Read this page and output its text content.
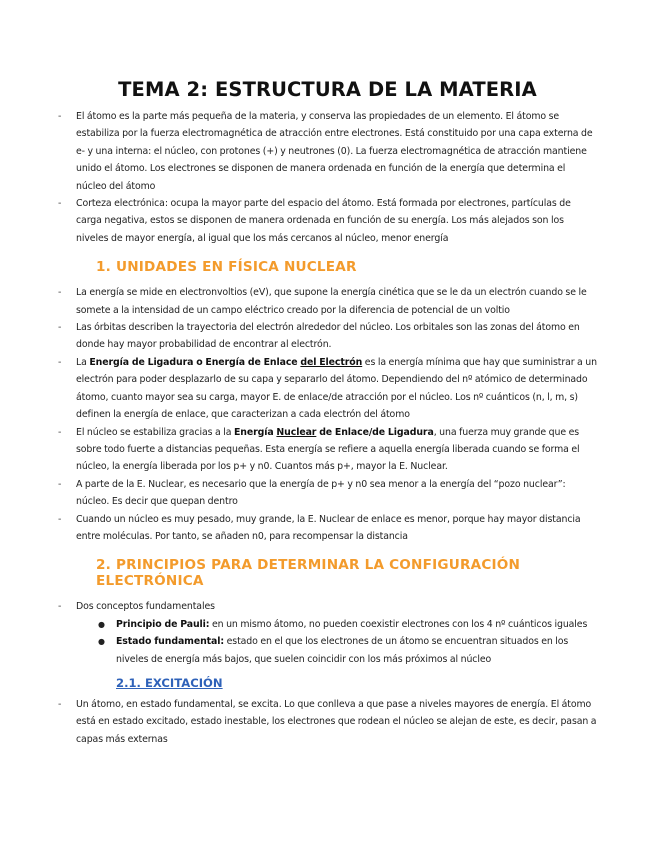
TEMA 2: ESTRUCTURA DE LA MATERIA
- El átomo es la parte más pequeña de la materia, y conserva las propiedades de un elemento. El átomo se estabiliza por la fuerza electromagnética de atracción entre electrones. Está constituido por una capa externa de e- y una interna: el núcleo, con protones (+) y neutrones (0). La fuerza electromagnética de atracción mantiene unido el átomo. Los electrones se disponen de manera ordenada en función de la energía que determina el núcleo del átomo
- Corteza electrónica: ocupa la mayor parte del espacio del átomo. Está formada por electrones, partículas de carga negativa, estos se disponen de manera ordenada en función de su energía. Los más alejados son los niveles de mayor energía, al igual que los más cercanos al núcleo, menor energía
1. UNIDADES EN FÍSICA NUCLEAR
- La energía se mide en electronvoltios (eV), que supone la energía cinética que se le da un electrón cuando se le somete a la intensidad de un campo eléctrico creado por la diferencia de potencial de un voltio
- Las órbitas describen la trayectoria del electrón alrededor del núcleo. Los orbitales son las zonas del átomo en donde hay mayor probabilidad de encontrar al electrón.
- La Energía de Ligadura o Energía de Enlace del Electrón es la energía mínima que hay que suministrar a un electrón para poder desplazarlo de su capa y separarlo del átomo. Dependiendo del nº atómico de determinado átomo, cuanto mayor sea su carga, mayor E. de enlace/de atracción por el núcleo. Los nº cuánticos (n, l, m, s) definen la energía de enlace, que caracterizan a cada electrón del átomo
- El núcleo se estabiliza gracias a la Energía Nuclear de Enlace/de Ligadura, una fuerza muy grande que es sobre todo fuerte a distancias pequeñas. Esta energía se refiere a aquella energía liberada cuando se forma el núcleo, la energía liberada por los p+ y n0. Cuantos más p+, mayor la E. Nuclear.
- A parte de la E. Nuclear, es necesario que la energía de p+ y n0 sea menor a la energía del “pozo nuclear”: núcleo. Es decir que quepan dentro
- Cuando un núcleo es muy pesado, muy grande, la E. Nuclear de enlace es menor, porque hay mayor distancia entre moléculas. Por tanto, se añaden n0, para recompensar la distancia
2. PRINCIPIOS PARA DETERMINAR LA CONFIGURACIÓN ELECTRÓNICA
- Dos conceptos fundamentales
● Principio de Pauli: en un mismo átomo, no pueden coexistir electrones con los 4 nº cuánticos iguales
● Estado fundamental: estado en el que los electrones de un átomo se encuentran situados en los niveles de energía más bajos, que suelen coincidir con los más próximos al núcleo
2.1. EXCITACIÓN
- Un átomo, en estado fundamental, se excita. Lo que conlleva a que pase a niveles mayores de energía. El átomo está en estado excitado, estado inestable, los electrones que rodean el núcleo se alejan de este, es decir, pasan a capas más externas
